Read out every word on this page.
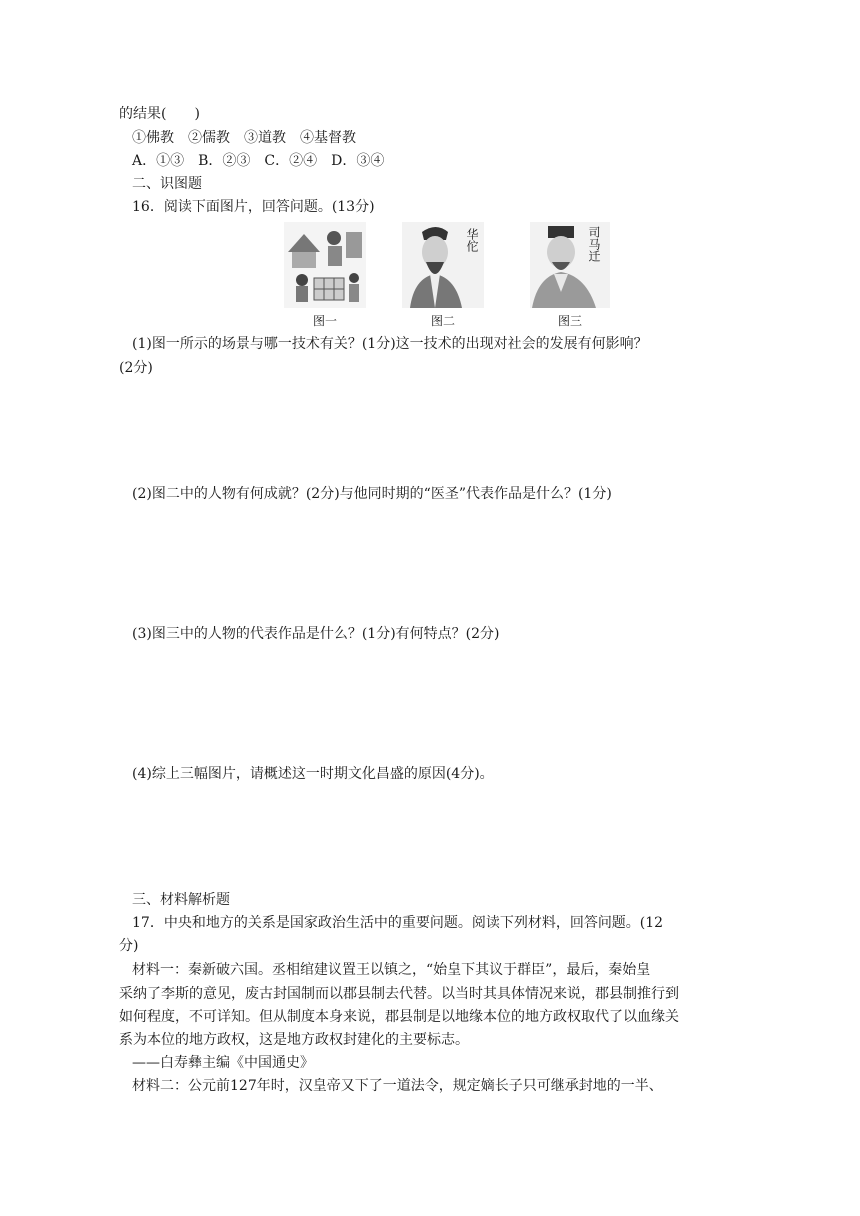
的结果(　　)
①佛教　②儒教　③道教　④基督教
A．①③　B．②③　C．②④　D．③④
二、识图题
16．阅读下面图片，回答问题。(13分)
图一
华佗
图二
司马迁
图三
(1)图一所示的场景与哪一技术有关？(1分)这一技术的出现对社会的发展有何影响？
(2分)
(2)图二中的人物有何成就？(2分)与他同时期的“医圣”代表作品是什么？(1分)
(3)图三中的人物的代表作品是什么？(1分)有何特点？(2分)
(4)综上三幅图片，请概述这一时期文化昌盛的原因(4分)。
三、材料解析题
17．中央和地方的关系是国家政治生活中的重要问题。阅读下列材料，回答问题。(12
分)
材料一：秦新破六国。丞相绾建议置王以镇之，“始皇下其议于群臣”，最后，秦始皇
采纳了李斯的意见，废古封国制而以郡县制去代替。以当时其具体情况来说，郡县制推行到
如何程度，不可详知。但从制度本身来说，郡县制是以地缘本位的地方政权取代了以血缘关
系为本位的地方政权，这是地方政权封建化的主要标志。
——白寿彝主编《中国通史》
材料二：公元前127年时，汉皇帝又下了一道法令，规定嫡长子只可继承封地的一半、
